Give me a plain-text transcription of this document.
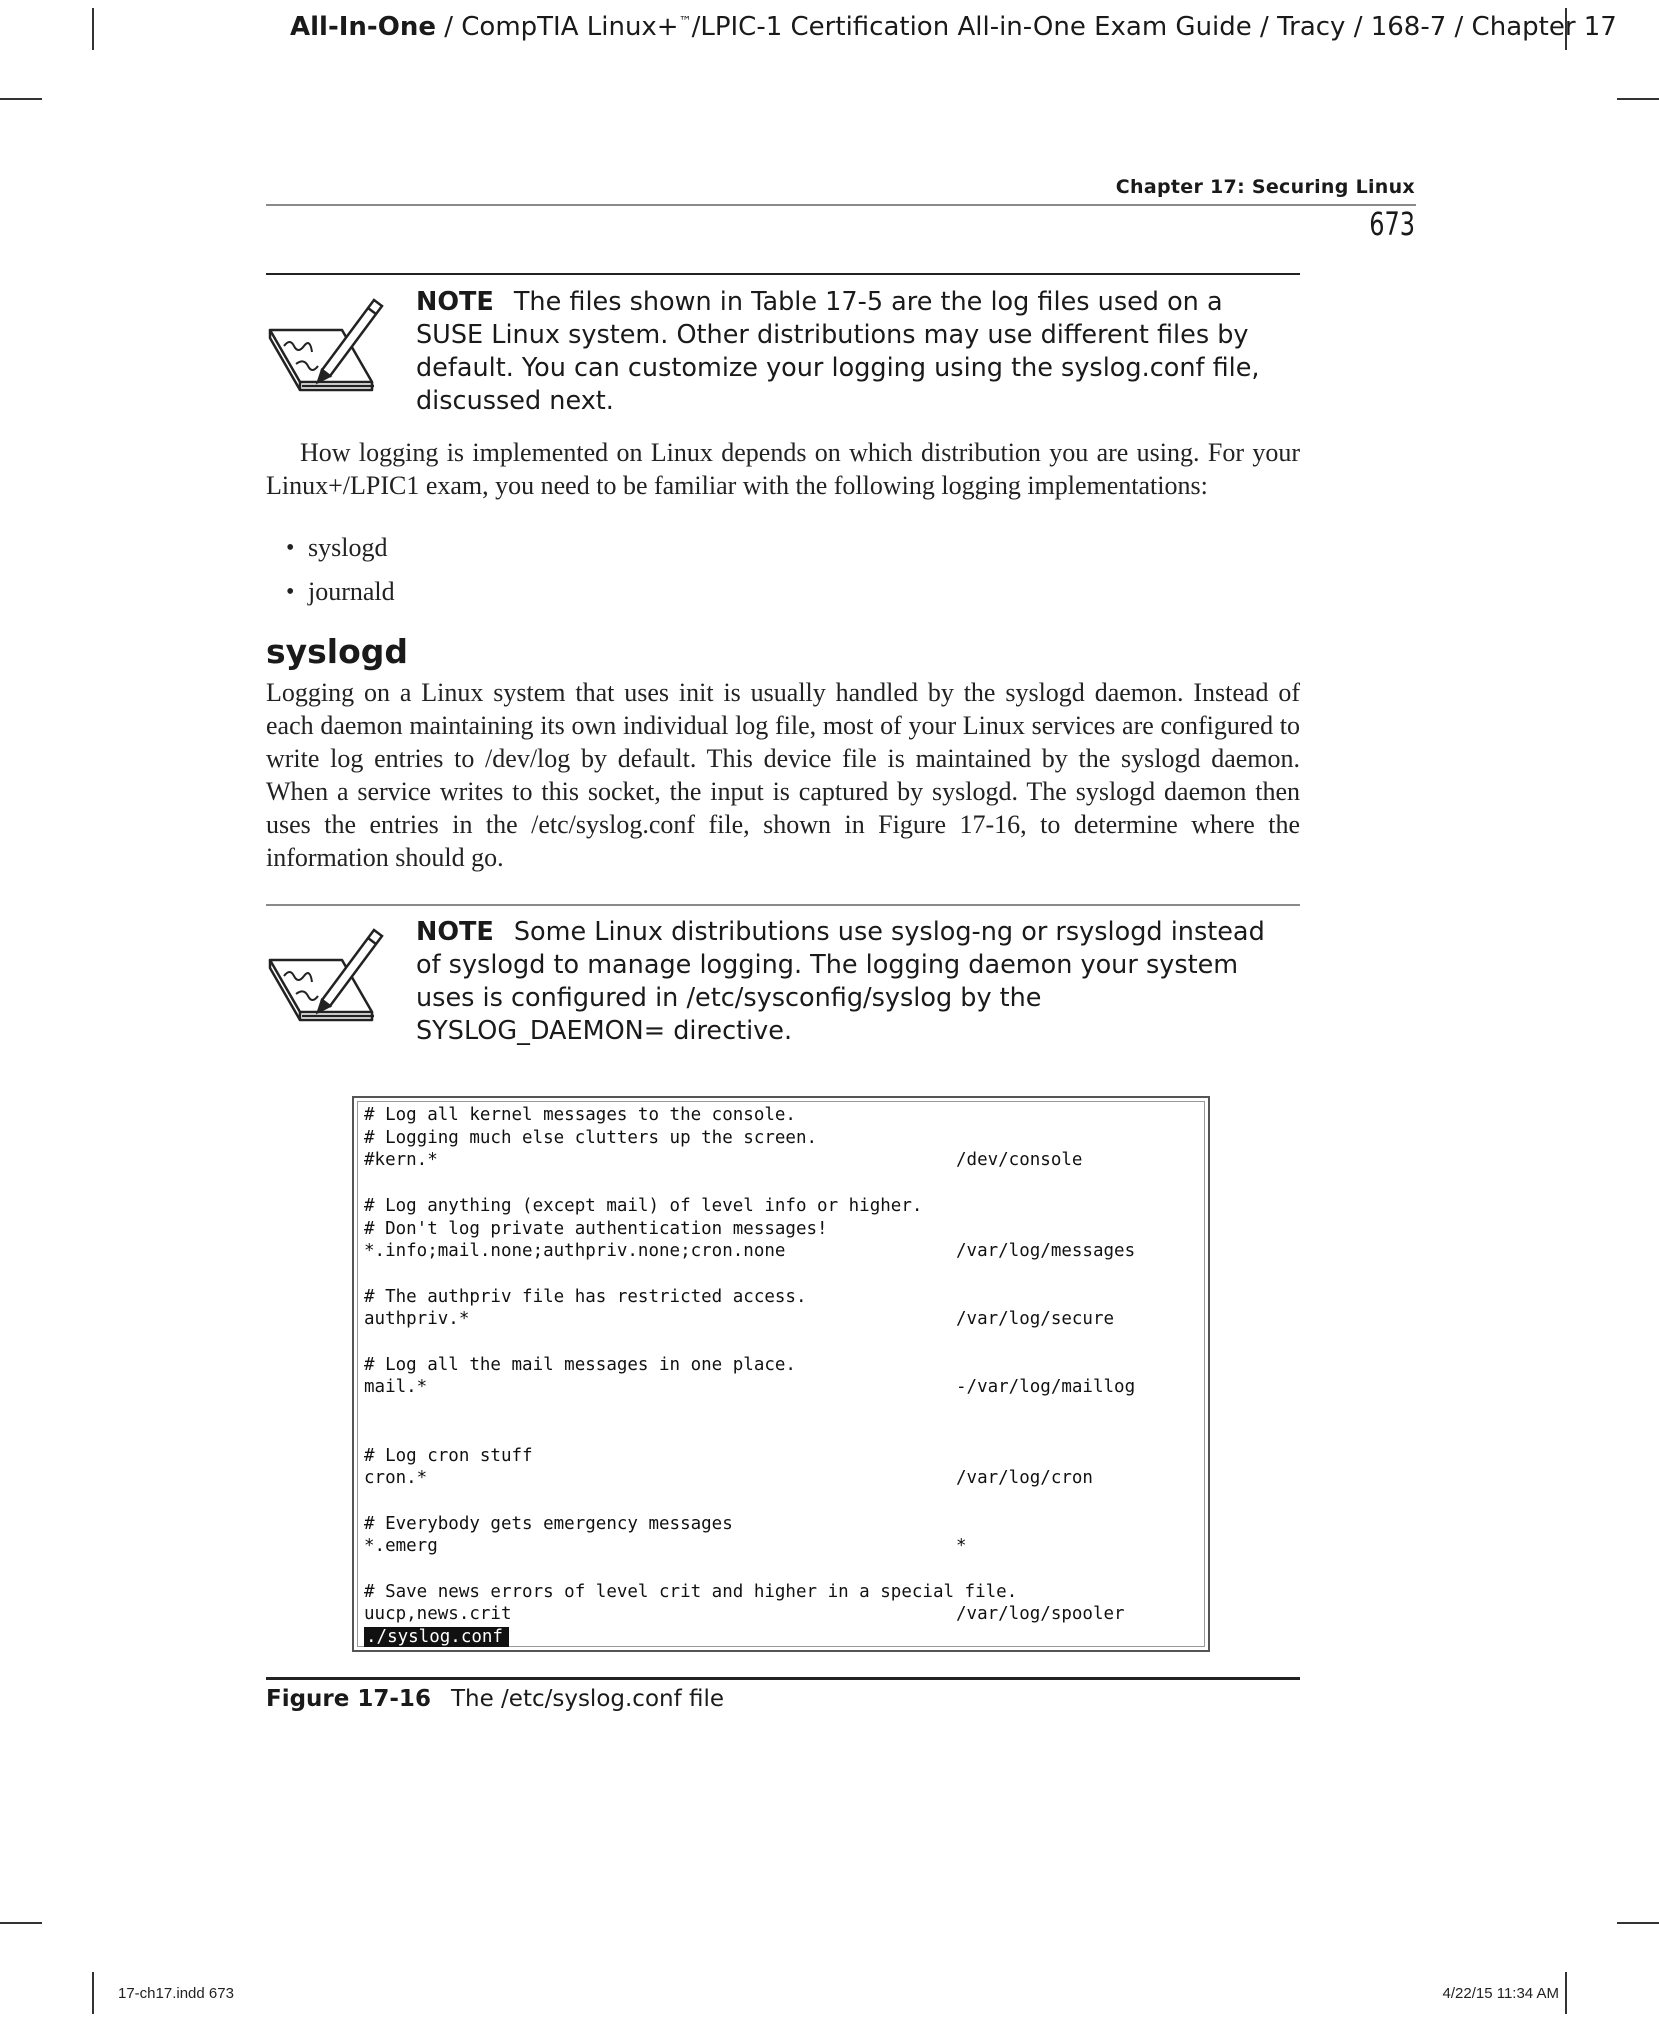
All-In-One / CompTIA Linux+™/LPIC-1 Certification All-in-One Exam Guide / Tracy / 168-7 / Chapter 17
Chapter 17: Securing Linux
673
NOTE The files shown in Table 17-5 are the log files used on a SUSE Linux system. Other distributions may use different files by default. You can customize your logging using the syslog.conf file, discussed next.
How logging is implemented on Linux depends on which distribution you are using. For your Linux+/LPIC1 exam, you need to be familiar with the following logging implementations:
• syslogd
• journald
syslogd
Logging on a Linux system that uses init is usually handled by the syslogd daemon. Instead of each daemon maintaining its own individual log file, most of your Linux services are configured to write log entries to /dev/log by default. This device file is maintained by the syslogd daemon. When a service writes to this socket, the input is captured by syslogd. The syslogd daemon then uses the entries in the /etc/syslog.conf file, shown in Figure 17-16, to determine where the information should go.
NOTE Some Linux distributions use syslog-ng or rsyslogd instead of syslogd to manage logging. The logging daemon your system uses is configured in /etc/sysconfig/syslog by the SYSLOG_DAEMON= directive.
# Log all kernel messages to the console.
# Logging much else clutters up the screen.
#kern.*	/dev/console
# Log anything (except mail) of level info or higher.
# Don't log private authentication messages!
*.info;mail.none;authpriv.none;cron.none	/var/log/messages
# The authpriv file has restricted access.
authpriv.*	/var/log/secure
# Log all the mail messages in one place.
mail.*	-/var/log/maillog
# Log cron stuff
cron.*	/var/log/cron
# Everybody gets emergency messages
*.emerg	*
# Save news errors of level crit and higher in a special file.
uucp,news.crit	/var/log/spooler
./syslog.conf
Figure 17-16 The /etc/syslog.conf file
17-ch17.indd 673	4/22/15 11:34 AM
